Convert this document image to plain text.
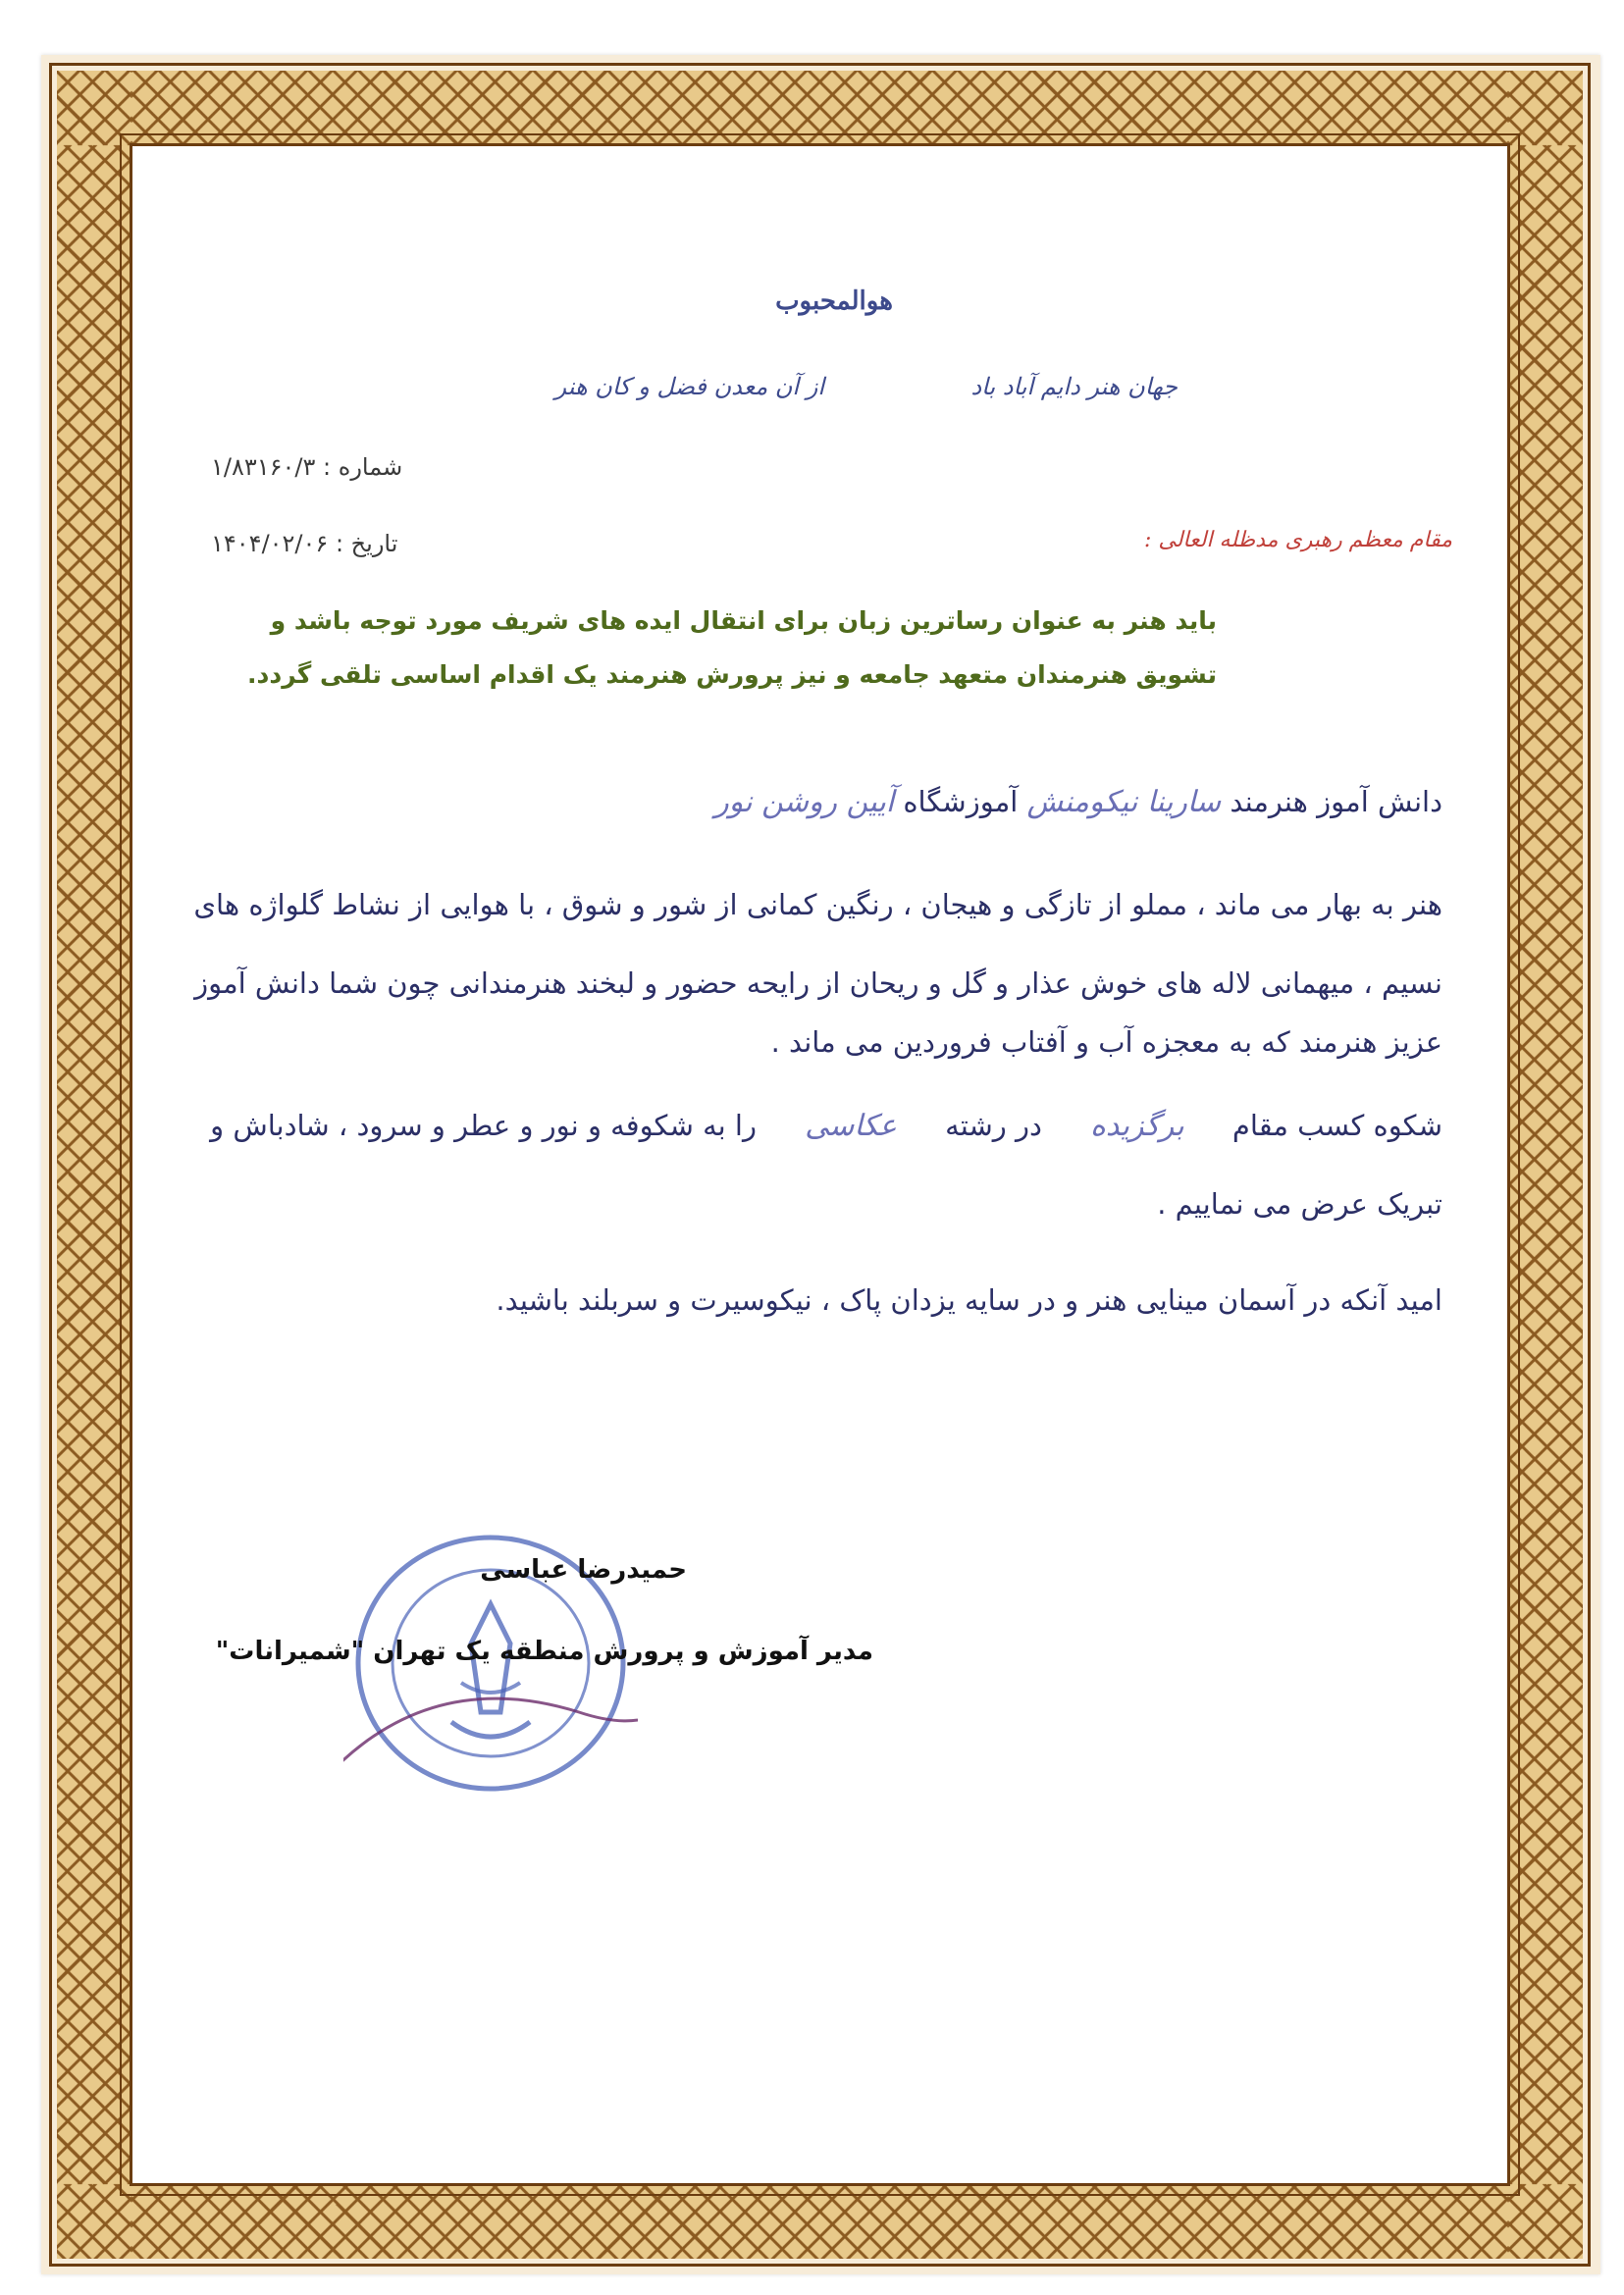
هوالمحبوب
جهان هنر دایم آباد باد
از آن معدن فضل و کان هنر
شماره : ۱/۸۳۱۶۰/۳
تاریخ : ۱۴۰۴/۰۲/۰۶	مقام معظم رهبری مدظله العالی :
باید هنر به عنوان رساترین زبان برای انتقال ایده های شریف مورد توجه باشد و
تشویق هنرمندان متعهد جامعه و نیز پرورش هنرمند یک اقدام اساسی تلقی گردد.
دانش آموز هنرمند سارینا نیکومنش آموزشگاه آیین روشن نور
هنر به بهار می ماند ، مملو از تازگی و هیجان ، رنگین کمانی از شور و شوق ، با هوایی از نشاط گلواژه های
نسیم ، میهمانی لاله های خوش عذار و گل و ریحان از رایحه حضور و لبخند هنرمندانی چون شما دانش آموز
عزیز هنرمند که به معجزه آب و آفتاب فروردین می ماند .
شکوه کسب مقام برگزیده در رشته عکاسی را به شکوفه و نور و عطر و سرود ، شادباش و
تبریک عرض می نماییم .
امید آنکه در آسمان مینایی هنر و در سایه یزدان پاک ، نیکوسیرت و سربلند باشید.
حمیدرضا عباسی
مدیر آموزش و پرورش منطقه یک تهران "شمیرانات"
